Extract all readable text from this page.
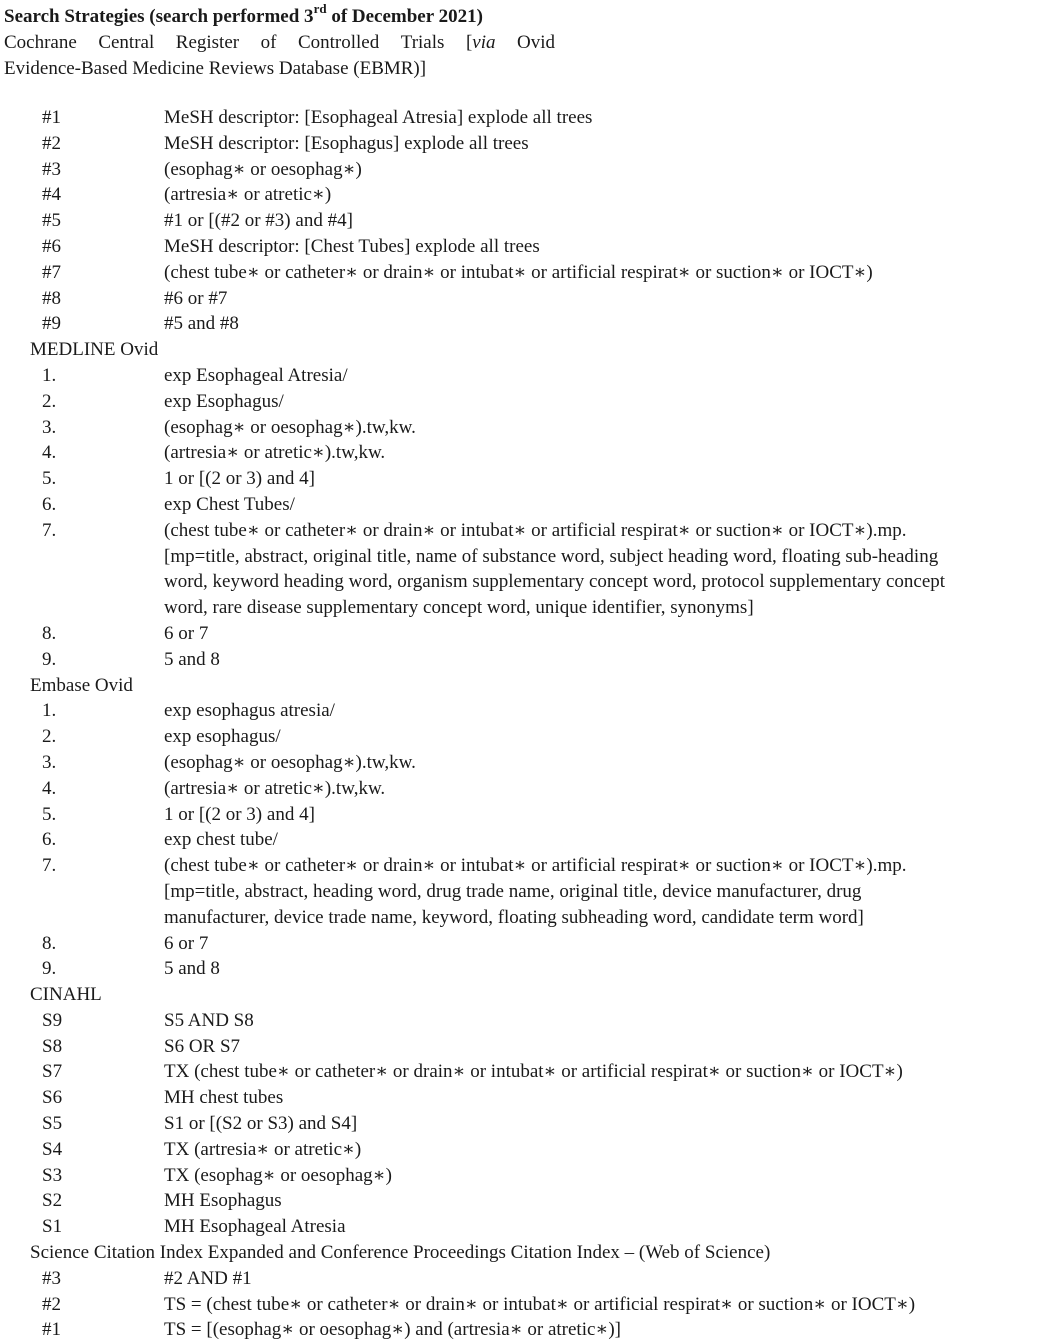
Search Strategies (search performed 3rd of December 2021)
Cochrane Central Register of Controlled Trials [via Ovid
Evidence-Based Medicine Reviews Database (EBMR)]
#1	MeSH descriptor: [Esophageal Atresia] explode all trees
#2	MeSH descriptor: [Esophagus] explode all trees
#3	(esophag∗ or oesophag∗)
#4	(artresia∗ or atretic∗)
#5	#1 or [(#2 or #3) and #4]
#6	MeSH descriptor: [Chest Tubes] explode all trees
#7	(chest tube∗ or catheter∗ or drain∗ or intubat∗ or artificial respirat∗ or suction∗ or IOCT∗)
#8	#6 or #7
#9	#5 and #8
MEDLINE Ovid
1.	exp Esophageal Atresia/
2.	exp Esophagus/
3.	(esophag∗ or oesophag∗).tw,kw.
4.	(artresia∗ or atretic∗).tw,kw.
5.	1 or [(2 or 3) and 4]
6.	exp Chest Tubes/
7.	(chest tube∗ or catheter∗ or drain∗ or intubat∗ or artificial respirat∗ or suction∗ or IOCT∗).mp.
[mp=title, abstract, original title, name of substance word, subject heading word, floating sub-heading
word, keyword heading word, organism supplementary concept word, protocol supplementary concept
word, rare disease supplementary concept word, unique identifier, synonyms]
8.	6 or 7
9.	5 and 8
Embase Ovid
1.	exp esophagus atresia/
2.	exp esophagus/
3.	(esophag∗ or oesophag∗).tw,kw.
4.	(artresia∗ or atretic∗).tw,kw.
5.	1 or [(2 or 3) and 4]
6.	exp chest tube/
7.	(chest tube∗ or catheter∗ or drain∗ or intubat∗ or artificial respirat∗ or suction∗ or IOCT∗).mp.
[mp=title, abstract, heading word, drug trade name, original title, device manufacturer, drug
manufacturer, device trade name, keyword, floating subheading word, candidate term word]
8.	6 or 7
9.	5 and 8
CINAHL
S9	S5 AND S8
S8	S6 OR S7
S7	TX (chest tube∗ or catheter∗ or drain∗ or intubat∗ or artificial respirat∗ or suction∗ or IOCT∗)
S6	MH chest tubes
S5	S1 or [(S2 or S3) and S4]
S4	TX (artresia∗ or atretic∗)
S3	TX (esophag∗ or oesophag∗)
S2	MH Esophagus
S1	MH Esophageal Atresia
Science Citation Index Expanded and Conference Proceedings Citation Index – (Web of Science)
#3	#2 AND #1
#2	TS = (chest tube∗ or catheter∗ or drain∗ or intubat∗ or artificial respirat∗ or suction∗ or IOCT∗)
#1	TS = [(esophag∗ or oesophag∗) and (artresia∗ or atretic∗)]
